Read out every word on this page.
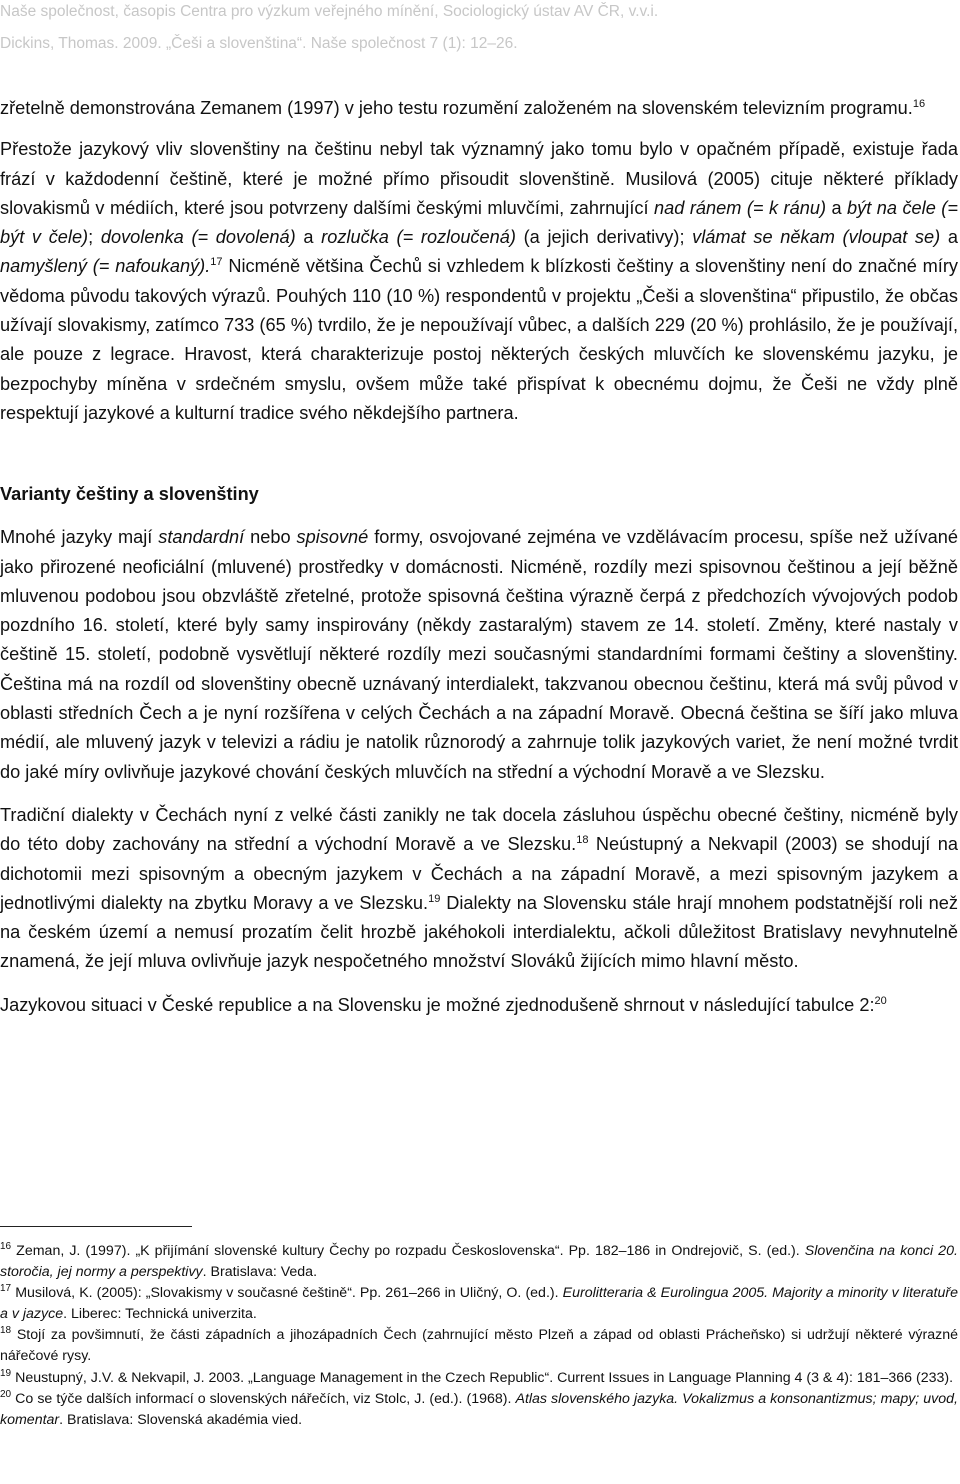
Naše společnost, časopis Centra pro výzkum veřejného mínění, Sociologický ústav AV ČR, v.v.i.
Dickins, Thomas. 2009. „Češi a slovenština“. Naše společnost 7 (1): 12–26.

zřetelně demonstrována Zemanem (1997) v jeho testu rozumění založeném na slovenském televizním programu.$^{16}$

Přestože jazykový vliv slovenštiny na češtinu nebyl tak významný jako tomu bylo v opačném případě, existuje řada frází v každodenní češtině, které je možné přímo přisoudit slovenštině. Musilová (2005) cituje některé příklady slovakismů v médiích, které jsou potvrzeny dalšími českými mluvčími, zahrnující nad ránem (= k ránu) a být na čele (= být v čele); dovolenka (= dovolená) a rozlučka (= rozloučená) (a jejich derivativy); vlámat se někam (vloupat se) a namyšlený (= nafoukaný).$^{17}$ Nicméně většina Čechů si vzhledem k blízkosti češtiny a slovenštiny není do značné míry vědoma původu takových výrazů. Pouhých 110 (10 %) respondentů v projektu „Češi a slovenština“ připustilo, že občas užívají slovakismy, zatímco 733 (65 %) tvrdilo, že je nepoužívají vůbec, a dalších 229 (20 %) prohlásilo, že je používají, ale pouze z legrace. Hravost, která charakterizuje postoj některých českých mluvčích ke slovenskému jazyku, je bezpochyby míněna v srdečném smyslu, ovšem může také přispívat k obecnému dojmu, že Češi ne vždy plně respektují jazykové a kulturní tradice svého někdejšího partnera.

Varianty češtiny a slovenštiny

Mnohé jazyky mají standardní nebo spisovné formy, osvojované zejména ve vzdělávacím procesu, spíše než užívané jako přirozené neoficiální (mluvené) prostředky v domácnosti. Nicméně, rozdíly mezi spisovnou češtinou a její běžně mluvenou podobou jsou obzvláště zřetelné, protože spisovná čeština výrazně čerpá z předchozích vývojových podob pozdního 16. století, které byly samy inspirovány (někdy zastaralým) stavem ze 14. století. Změny, které nastaly v češtině 15. století, podobně vysvětlují některé rozdíly mezi současnými standardními formami češtiny a slovenštiny. Čeština má na rozdíl od slovenštiny obecně uznávaný interdialekt, takzvanou obecnou češtinu, která má svůj původ v oblasti středních Čech a je nyní rozšířena v celých Čechách a na západní Moravě. Obecná čeština se šíří jako mluva médií, ale mluvený jazyk v televizi a rádiu je natolik různorodý a zahrnuje tolik jazykových variet, že není možné tvrdit do jaké míry ovlivňuje jazykové chování českých mluvčích na střední a východní Moravě a ve Slezsku.

Tradiční dialekty v Čechách nyní z velké části zanikly ne tak docela zásluhou úspěchu obecné češtiny, nicméně byly do této doby zachovány na střední a východní Moravě a ve Slezsku.$^{18}$ Neústupný a Nekvapil (2003) se shodují na dichotomii mezi spisovným a obecným jazykem v Čechách a na západní Moravě, a mezi spisovným jazykem a jednotlivými dialekty na zbytku Moravy a ve Slezsku.$^{19}$ Dialekty na Slovensku stále hrají mnohem podstatnější roli než na českém území a nemusí prozatím čelit hrozbě jakéhokoli interdialektu, ačkoli důležitost Bratislavy nevyhnutelně znamená, že její mluva ovlivňuje jazyk nespočetného množství Slováků žijících mimo hlavní město.

Jazykovou situaci v České republice a na Slovensku je možné zjednodušeně shrnout v následující tabulce 2:$^{20}$

$^{16}$ Zeman, J. (1997). „K přijímání slovenské kultury Čechy po rozpadu Československa“. Pp. 182–186 in Ondrejovič, S. (ed.). Slovenčina na konci 20. storočia, jej normy a perspektivy. Bratislava: Veda.
$^{17}$ Musilová, K. (2005): „Slovakismy v současné češtině“. Pp. 261–266 in Uličný, O. (ed.). Eurolitteraria & Eurolingua 2005. Majority a minority v literatuře a v jazyce. Liberec: Technická univerzita.
$^{18}$ Stojí za povšimnutí, že části západních a jihozápadních Čech (zahrnující město Plzeň a západ od oblasti Prácheňsko) si udržují některé výrazné nářečové rysy.
$^{19}$ Neustupný, J.V. & Nekvapil, J. 2003. „Language Management in the Czech Republic“. Current Issues in Language Planning 4 (3 & 4): 181–366 (233).
$^{20}$ Co se týče dalších informací o slovenských nářečích, viz Stolc, J. (ed.). (1968). Atlas slovenského jazyka. Vokalizmus a konsonantizmus; mapy; uvod, komentar. Bratislava: Slovenská akadémia vied.
